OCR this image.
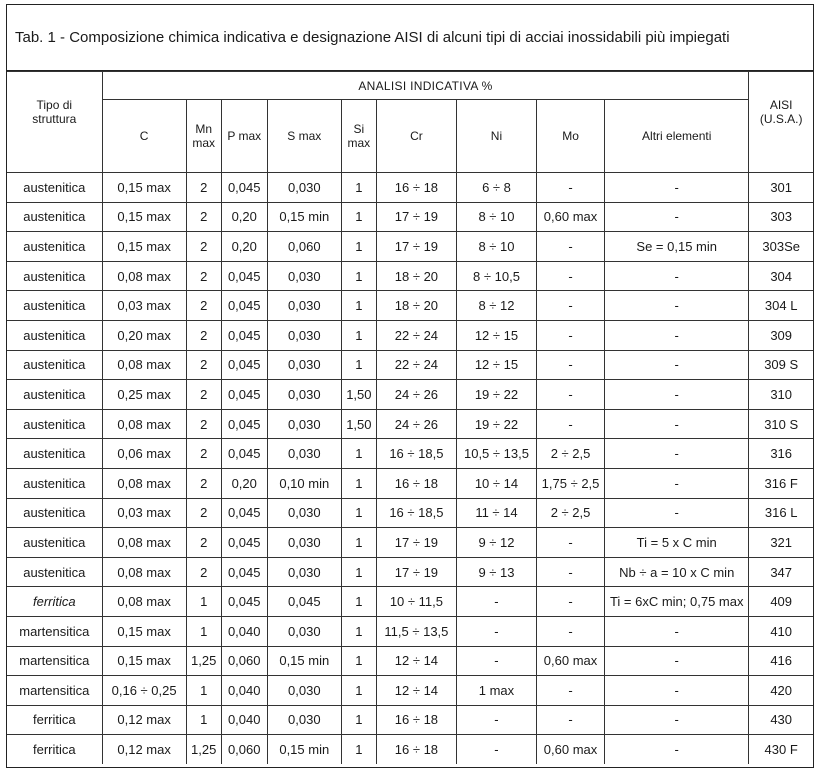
Tab. 1 - Composizione chimica indicativa e designazione AISI di alcuni tipi di acciai inossidabili più impiegati
Tipo di struttura	ANALISI INDICATIVA %									AISI (U.S.A.)

	C	Mn max	P max	S max	Si max	Cr	Ni	Mo	Altri elementi	

austenitica	0,15 max	2	0,045	0,030	1	16 ÷ 18	6 ÷ 8	-	-	301
austenitica	0,15 max	2	0,20	0,15 min	1	17 ÷ 19	8 ÷ 10	0,60 max	-	303
austenitica	0,15 max	2	0,20	0,060	1	17 ÷ 19	8 ÷ 10	-	Se = 0,15 min	303Se
austenitica	0,08 max	2	0,045	0,030	1	18 ÷ 20	8 ÷ 10,5	-	-	304
austenitica	0,03 max	2	0,045	0,030	1	18 ÷ 20	8 ÷ 12	-	-	304 L
austenitica	0,20 max	2	0,045	0,030	1	22 ÷ 24	12 ÷ 15	-	-	309
austenitica	0,08 max	2	0,045	0,030	1	22 ÷ 24	12 ÷ 15	-	-	309 S
austenitica	0,25 max	2	0,045	0,030	1,50	24 ÷ 26	19 ÷ 22	-	-	310
austenitica	0,08 max	2	0,045	0,030	1,50	24 ÷ 26	19 ÷ 22	-	-	310 S
austenitica	0,06 max	2	0,045	0,030	1	16 ÷ 18,5	10,5 ÷ 13,5	2 ÷ 2,5	-	316
austenitica	0,08 max	2	0,20	0,10 min	1	16 ÷ 18	10 ÷ 14	1,75 ÷ 2,5	-	316 F
austenitica	0,03 max	2	0,045	0,030	1	16 ÷ 18,5	11 ÷ 14	2 ÷ 2,5	-	316 L
austenitica	0,08 max	2	0,045	0,030	1	17 ÷ 19	9 ÷ 12	-	Ti = 5 x C min	321
austenitica	0,08 max	2	0,045	0,030	1	17 ÷ 19	9 ÷ 13	-	Nb ÷ a = 10 x C min	347
ferritica	0,08 max	1	0,045	0,045	1	10 ÷ 11,5	-	-	Ti = 6xC min; 0,75 max	409
martensitica	0,15 max	1	0,040	0,030	1	11,5 ÷ 13,5	-	-	-	410
martensitica	0,15 max	1,25	0,060	0,15 min	1	12 ÷ 14	-	0,60 max	-	416
martensitica	0,16 ÷ 0,25	1	0,040	0,030	1	12 ÷ 14	1 max	-	-	420
ferritica	0,12 max	1	0,040	0,030	1	16 ÷ 18	-	-	-	430
ferritica	0,12 max	1,25	0,060	0,15 min	1	16 ÷ 18	-	0,60 max	-	430 F
